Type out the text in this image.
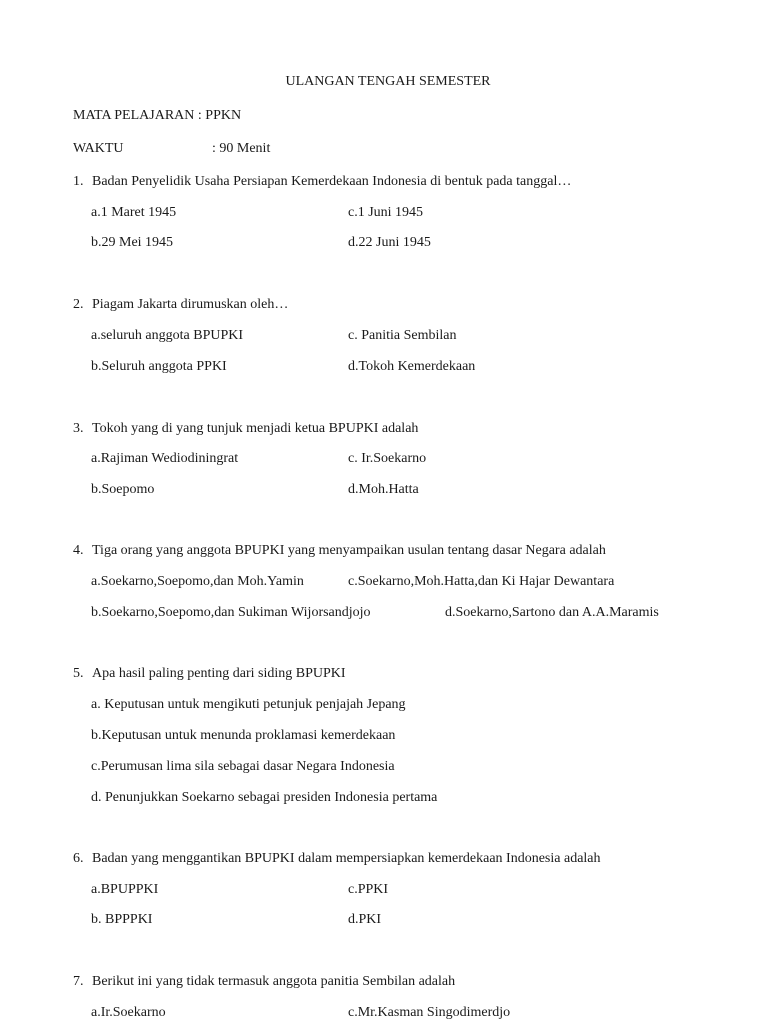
ULANGAN TENGAH SEMESTER
MATA PELAJARAN : PPKN
WAKTU	: 90 Menit
1. Badan Penyelidik Usaha Persiapan Kemerdekaan Indonesia di bentuk pada tanggal…
a.1 Maret 1945	c.1 Juni 1945
b.29 Mei 1945	d.22 Juni 1945
2. Piagam Jakarta dirumuskan oleh…
a.seluruh anggota BPUPKI	c. Panitia Sembilan
b.Seluruh anggota PPKI	d.Tokoh Kemerdekaan
3. Tokoh yang di yang tunjuk menjadi ketua BPUPKI adalah
a.Rajiman Wediodiningrat	c. Ir.Soekarno
b.Soepomo	d.Moh.Hatta
4. Tiga orang yang anggota BPUPKI yang menyampaikan usulan tentang dasar Negara adalah
a.Soekarno,Soepomo,dan Moh.Yamin	c.Soekarno,Moh.Hatta,dan Ki Hajar Dewantara
b.Soekarno,Soepomo,dan Sukiman Wijorsandjojo	d.Soekarno,Sartono dan A.A.Maramis
5. Apa hasil paling penting dari siding BPUPKI
a. Keputusan untuk mengikuti petunjuk penjajah Jepang
b.Keputusan untuk menunda proklamasi kemerdekaan
c.Perumusan lima sila sebagai dasar Negara Indonesia
d. Penunjukkan Soekarno sebagai presiden Indonesia pertama
6. Badan yang menggantikan BPUPKI dalam mempersiapkan kemerdekaan Indonesia adalah
a.BPUPPKI	c.PPKI
b. BPPPKI	d.PKI
7. Berikut ini yang tidak termasuk anggota panitia Sembilan adalah
a.Ir.Soekarno	c.Mr.Kasman Singodimerdjo
